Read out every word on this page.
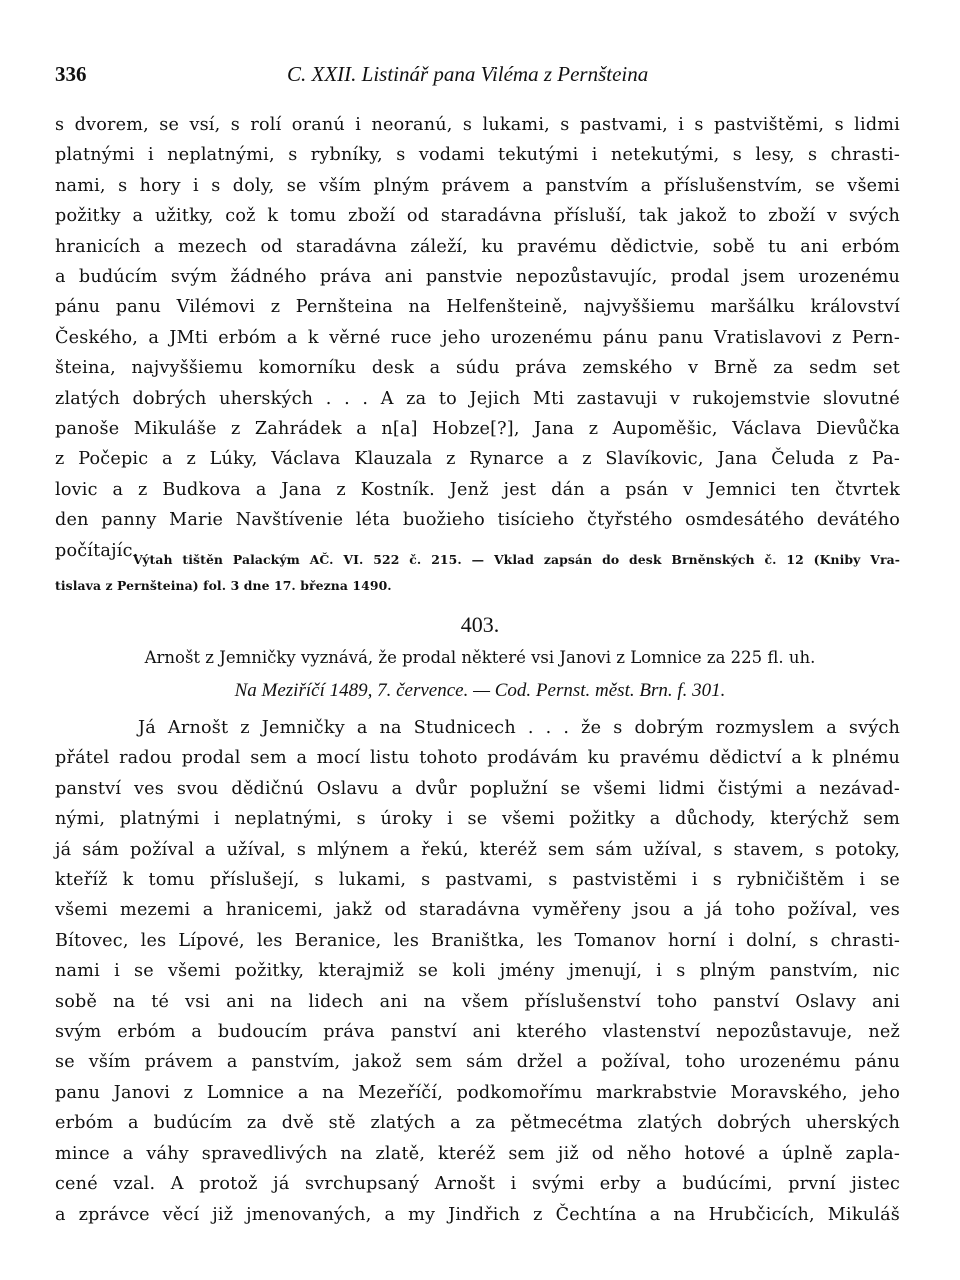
336	C. XXII. Listinář pana Viléma z Pernšteina
s dvorem, se vsí, s rolí oranú i neoranú, s lukami, s pastvami, i s pastvištěmi, s lidmi
platnými i neplatnými, s rybníky, s vodami tekutými i netekutými, s lesy, s chrasti-
nami, s hory i s doly, se vším plným právem a panstvím a příslušenstvím, se všemi
požitky a užitky, což k tomu zboží od staradávna přísluší, tak jakož to zboží v svých
hranicích a mezech od staradávna záleží, ku pravému dědictvie, sobě tu ani erbóm
a budúcím svým žádného práva ani panstvie nepozůstavujíc, prodal jsem urozenému
pánu panu Vilémovi z Pernšteina na Helfenšteině, najvyššiemu maršálku království
Českého, a JMti erbóm a k věrné ruce jeho urozenému pánu panu Vratislavovi z Pern-
šteina, najvyššiemu komorníku desk a súdu práva zemského v Brně za sedm set
zlatých dobrých uherských . . . A za to Jejich Mti zastavuji v rukojemstvie slovutné
panoše Mikuláše z Zahrádek a n[a] Hobze[?], Jana z Aupoměšic, Václava Dievůčka
z Počepic a z Lúky, Václava Klauzala z Rynarce a z Slavíkovic, Jana Čeluda z Pa-
lovic a z Budkova a Jana z Kostník. Jenž jest dán a psán v Jemnici ten čtvrtek
den panny Marie Navštívenie léta buožieho tisícieho čtyřstého osmdesátého devátého
počítajíc.
Výtah tištěn Palackým AČ. VI. 522 č. 215. — Vklad zapsán do desk Brněnských č. 12 (Kniby Vra-
tislava z Pernšteina) fol. 3 dne 17. března 1490.
403.
Arnošt z Jemničky vyznává, že prodal některé vsi Janovi z Lomnice za 225 fl. uh.
Na Meziříčí 1489, 7. července. — Cod. Pernst. měst. Brn. f. 301.
Já Arnošt z Jemničky a na Studnicech . . . že s dobrým rozmyslem a svých
přátel radou prodal sem a mocí listu tohoto prodávám ku pravému dědictví a k plnému
panství ves svou dědičnú Oslavu a dvůr poplužní se všemi lidmi čistými a nezávad-
nými, platnými i neplatnými, s úroky i se všemi požitky a důchody, kterýchž sem
já sám požíval a užíval, s mlýnem a řekú, kteréž sem sám užíval, s stavem, s potoky,
kteříž k tomu příslušejí, s lukami, s pastvami, s pastvistěmi i s rybničištěm i se
všemi mezemi a hranicemi, jakž od staradávna vyměřeny jsou a já toho požíval, ves
Bítovec, les Lípové, les Beranice, les Braništka, les Tomanov horní i dolní, s chrasti-
nami i se všemi požitky, kterajmiž se koli jmény jmenují, i s plným panstvím, nic
sobě na té vsi ani na lidech ani na všem příslušenství toho panství Oslavy ani
svým erbóm a budoucím práva panství ani kterého vlastenství nepozůstavuje, než
se vším právem a panstvím, jakož sem sám držel a požíval, toho urozenému pánu
panu Janovi z Lomnice a na Mezeříčí, podkomořímu markrabstvie Moravského, jeho
erbóm a budúcím za dvě stě zlatých a za pětmecétma zlatých dobrých uherských
mince a váhy spravedlivých na zlatě, kteréž sem již od něho hotové a úplně zapla-
cené vzal. A protož já svrchupsaný Arnošt i svými erby a budúcími, první jistec
a zprávce věcí již jmenovaných, a my Jindřich z Čechtína a na Hrubčicích, Mikuláš
